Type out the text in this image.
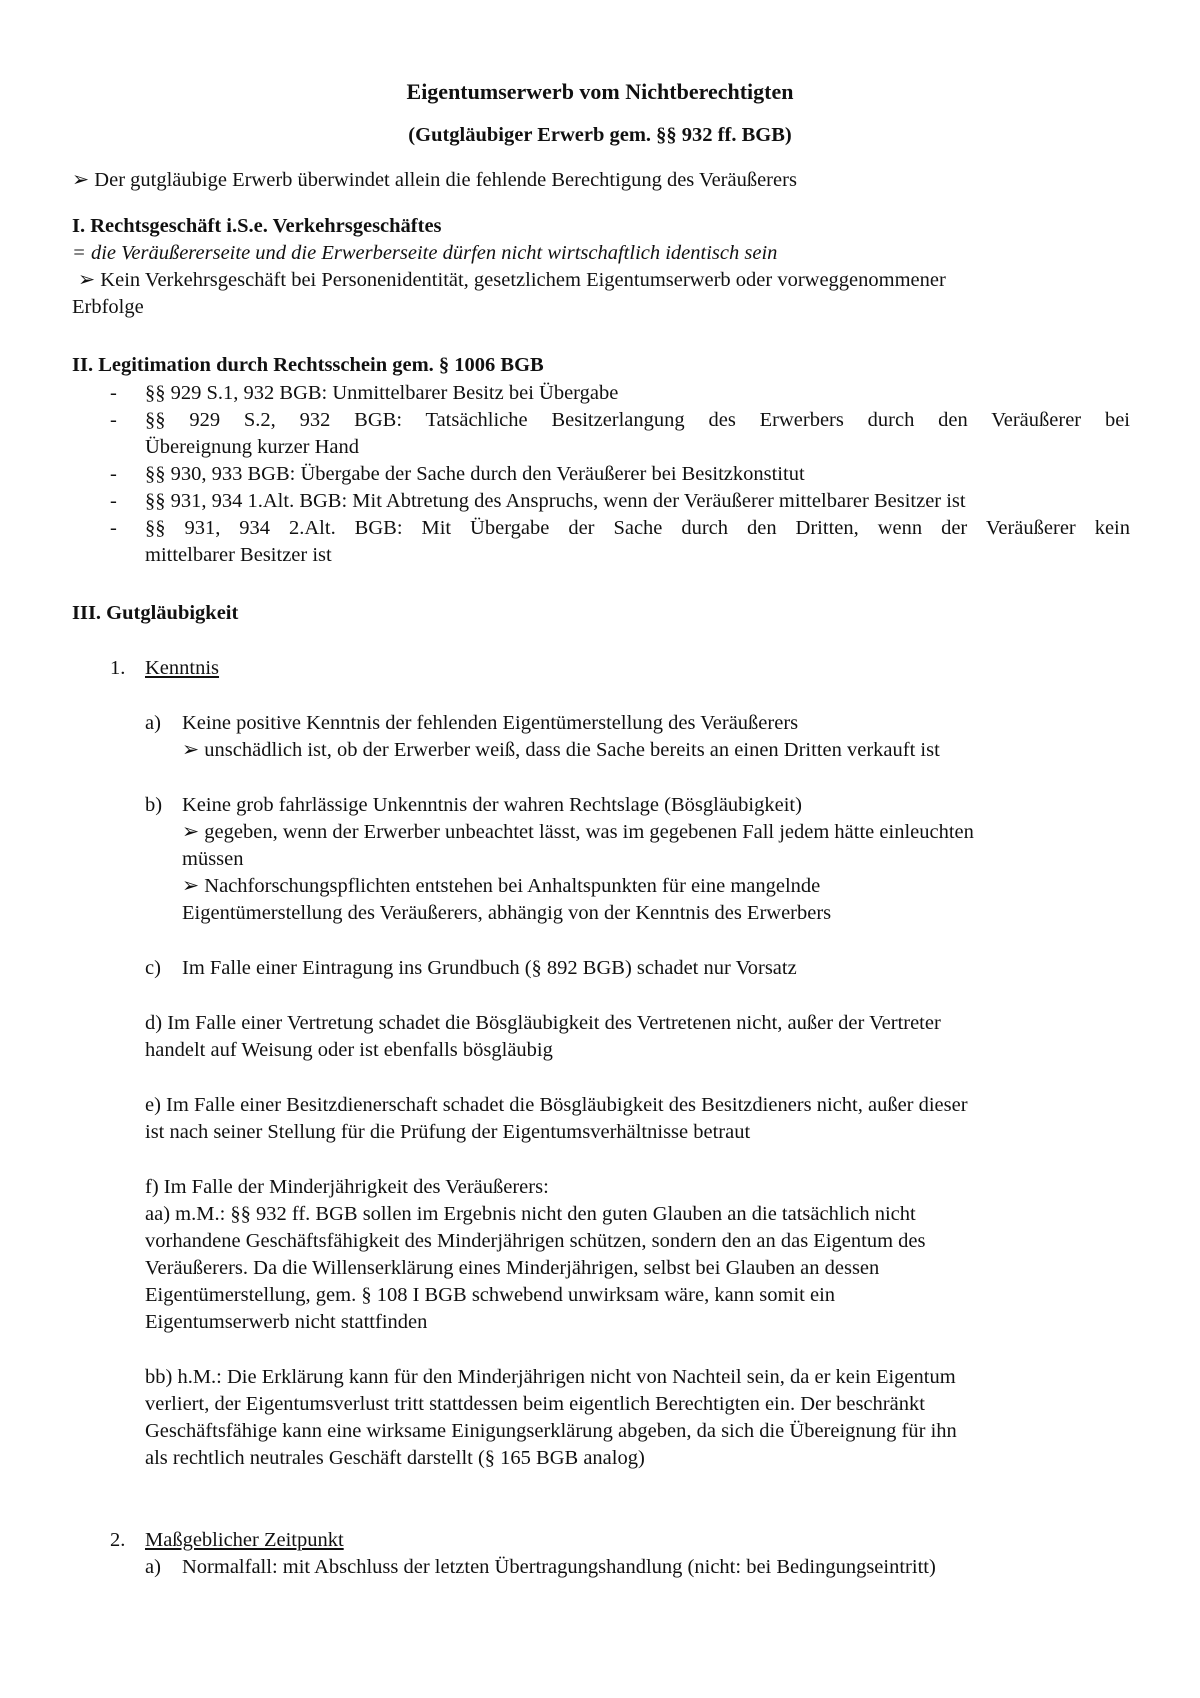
Eigentumserwerb vom Nichtberechtigten
(Gutgläubiger Erwerb gem. §§ 932 ff. BGB)
➢ Der gutgläubige Erwerb überwindet allein die fehlende Berechtigung des Veräußerers
I. Rechtsgeschäft i.S.e. Verkehrsgeschäftes
= die Veräußererseite und die Erwerberseite dürfen nicht wirtschaftlich identisch sein
➢ Kein Verkehrsgeschäft bei Personenidentität, gesetzlichem Eigentumserwerb oder vorweggenommener
Erbfolge
II. Legitimation durch Rechtsschein gem. § 1006 BGB
-	§§ 929 S.1, 932 BGB: Unmittelbarer Besitz bei Übergabe
-	§§ 929 S.2, 932 BGB: Tatsächliche Besitzerlangung des Erwerbers durch den Veräußerer bei
Übereignung kurzer Hand
-	§§ 930, 933 BGB: Übergabe der Sache durch den Veräußerer bei Besitzkonstitut
-	§§ 931, 934 1.Alt. BGB: Mit Abtretung des Anspruchs, wenn der Veräußerer mittelbarer Besitzer ist
-	§§ 931, 934 2.Alt. BGB: Mit Übergabe der Sache durch den Dritten, wenn der Veräußerer kein
mittelbarer Besitzer ist
III. Gutgläubigkeit
1. Kenntnis
a) Keine positive Kenntnis der fehlenden Eigentümerstellung des Veräußerers
➢ unschädlich ist, ob der Erwerber weiß, dass die Sache bereits an einen Dritten verkauft ist
b) Keine grob fahrlässige Unkenntnis der wahren Rechtslage (Bösgläubigkeit)
➢ gegeben, wenn der Erwerber unbeachtet lässt, was im gegebenen Fall jedem hätte einleuchten
müssen
➢ Nachforschungspflichten entstehen bei Anhaltspunkten für eine mangelnde
Eigentümerstellung des Veräußerers, abhängig von der Kenntnis des Erwerbers
c) Im Falle einer Eintragung ins Grundbuch (§ 892 BGB) schadet nur Vorsatz
d) Im Falle einer Vertretung schadet die Bösgläubigkeit des Vertretenen nicht, außer der Vertreter
handelt auf Weisung oder ist ebenfalls bösgläubig
e) Im Falle einer Besitzdienerschaft schadet die Bösgläubigkeit des Besitzdieners nicht, außer dieser
ist nach seiner Stellung für die Prüfung der Eigentumsverhältnisse betraut
f) Im Falle der Minderjährigkeit des Veräußerers:
aa) m.M.: §§ 932 ff. BGB sollen im Ergebnis nicht den guten Glauben an die tatsächlich nicht
vorhandene Geschäftsfähigkeit des Minderjährigen schützen, sondern den an das Eigentum des
Veräußerers. Da die Willenserklärung eines Minderjährigen, selbst bei Glauben an dessen
Eigentümerstellung, gem. § 108 I BGB schwebend unwirksam wäre, kann somit ein
Eigentumserwerb nicht stattfinden
bb) h.M.: Die Erklärung kann für den Minderjährigen nicht von Nachteil sein, da er kein Eigentum
verliert, der Eigentumsverlust tritt stattdessen beim eigentlich Berechtigten ein. Der beschränkt
Geschäftsfähige kann eine wirksame Einigungserklärung abgeben, da sich die Übereignung für ihn
als rechtlich neutrales Geschäft darstellt (§ 165 BGB analog)
2. Maßgeblicher Zeitpunkt
a) Normalfall: mit Abschluss der letzten Übertragungshandlung (nicht: bei Bedingungseintritt)
